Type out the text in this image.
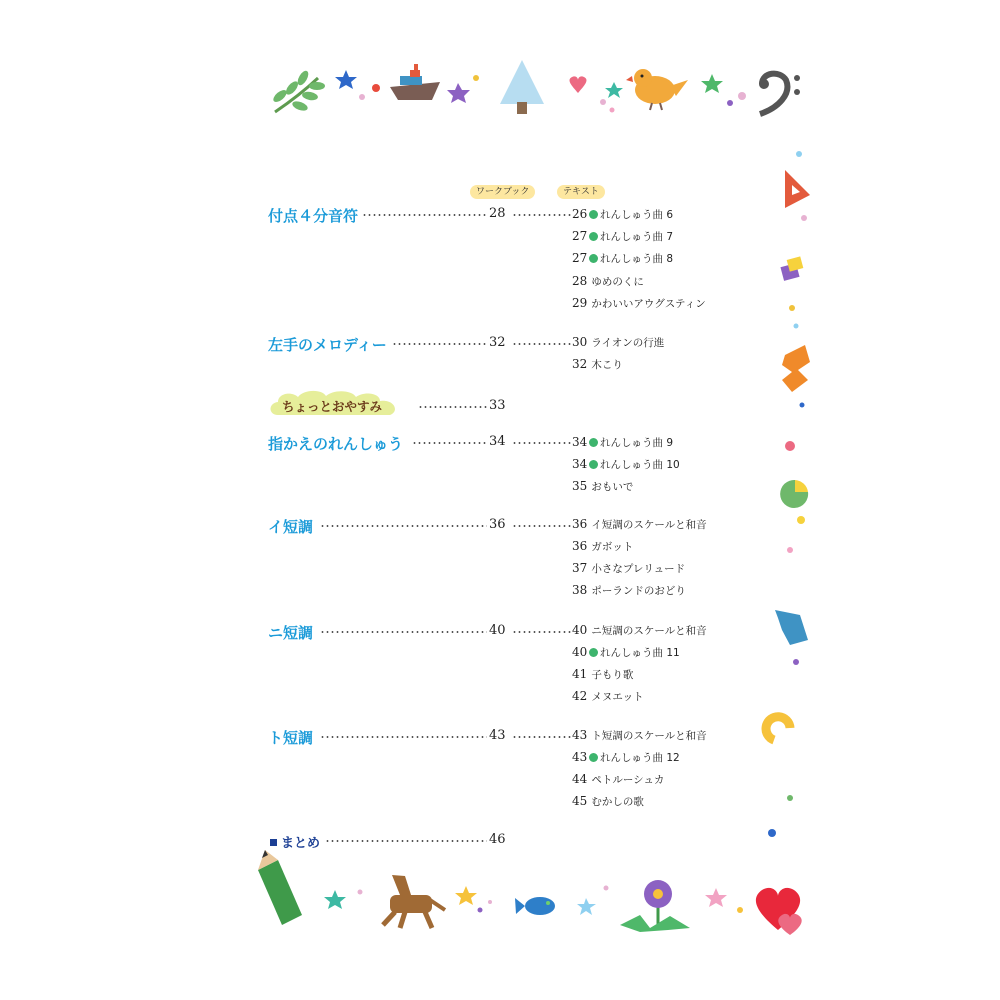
ワークブック	テキスト
付点４分音符	28	26 れんしゅう曲 6
27 れんしゅう曲 7
27 れんしゅう曲 8
28 ゆめのくに
29 かわいいアウグスティン
左手のメロディー	32	30 ライオンの行進
32 木こり
ちょっとおやすみ	33
指かえのれんしゅう	34	34 れんしゅう曲 9
34 れんしゅう曲 10
35 おもいで
イ短調	36	36 イ短調のスケールと和音
36 ガボット
37 小さなプレリュード
38 ポーランドのおどり
ニ短調	40	40 ニ短調のスケールと和音
40 れんしゅう曲 11
41 子もり歌
42 メヌエット
ト短調	43	43 ト短調のスケールと和音
43 れんしゅう曲 12
44 ペトルーシュカ
45 むかしの歌
まとめ	46
